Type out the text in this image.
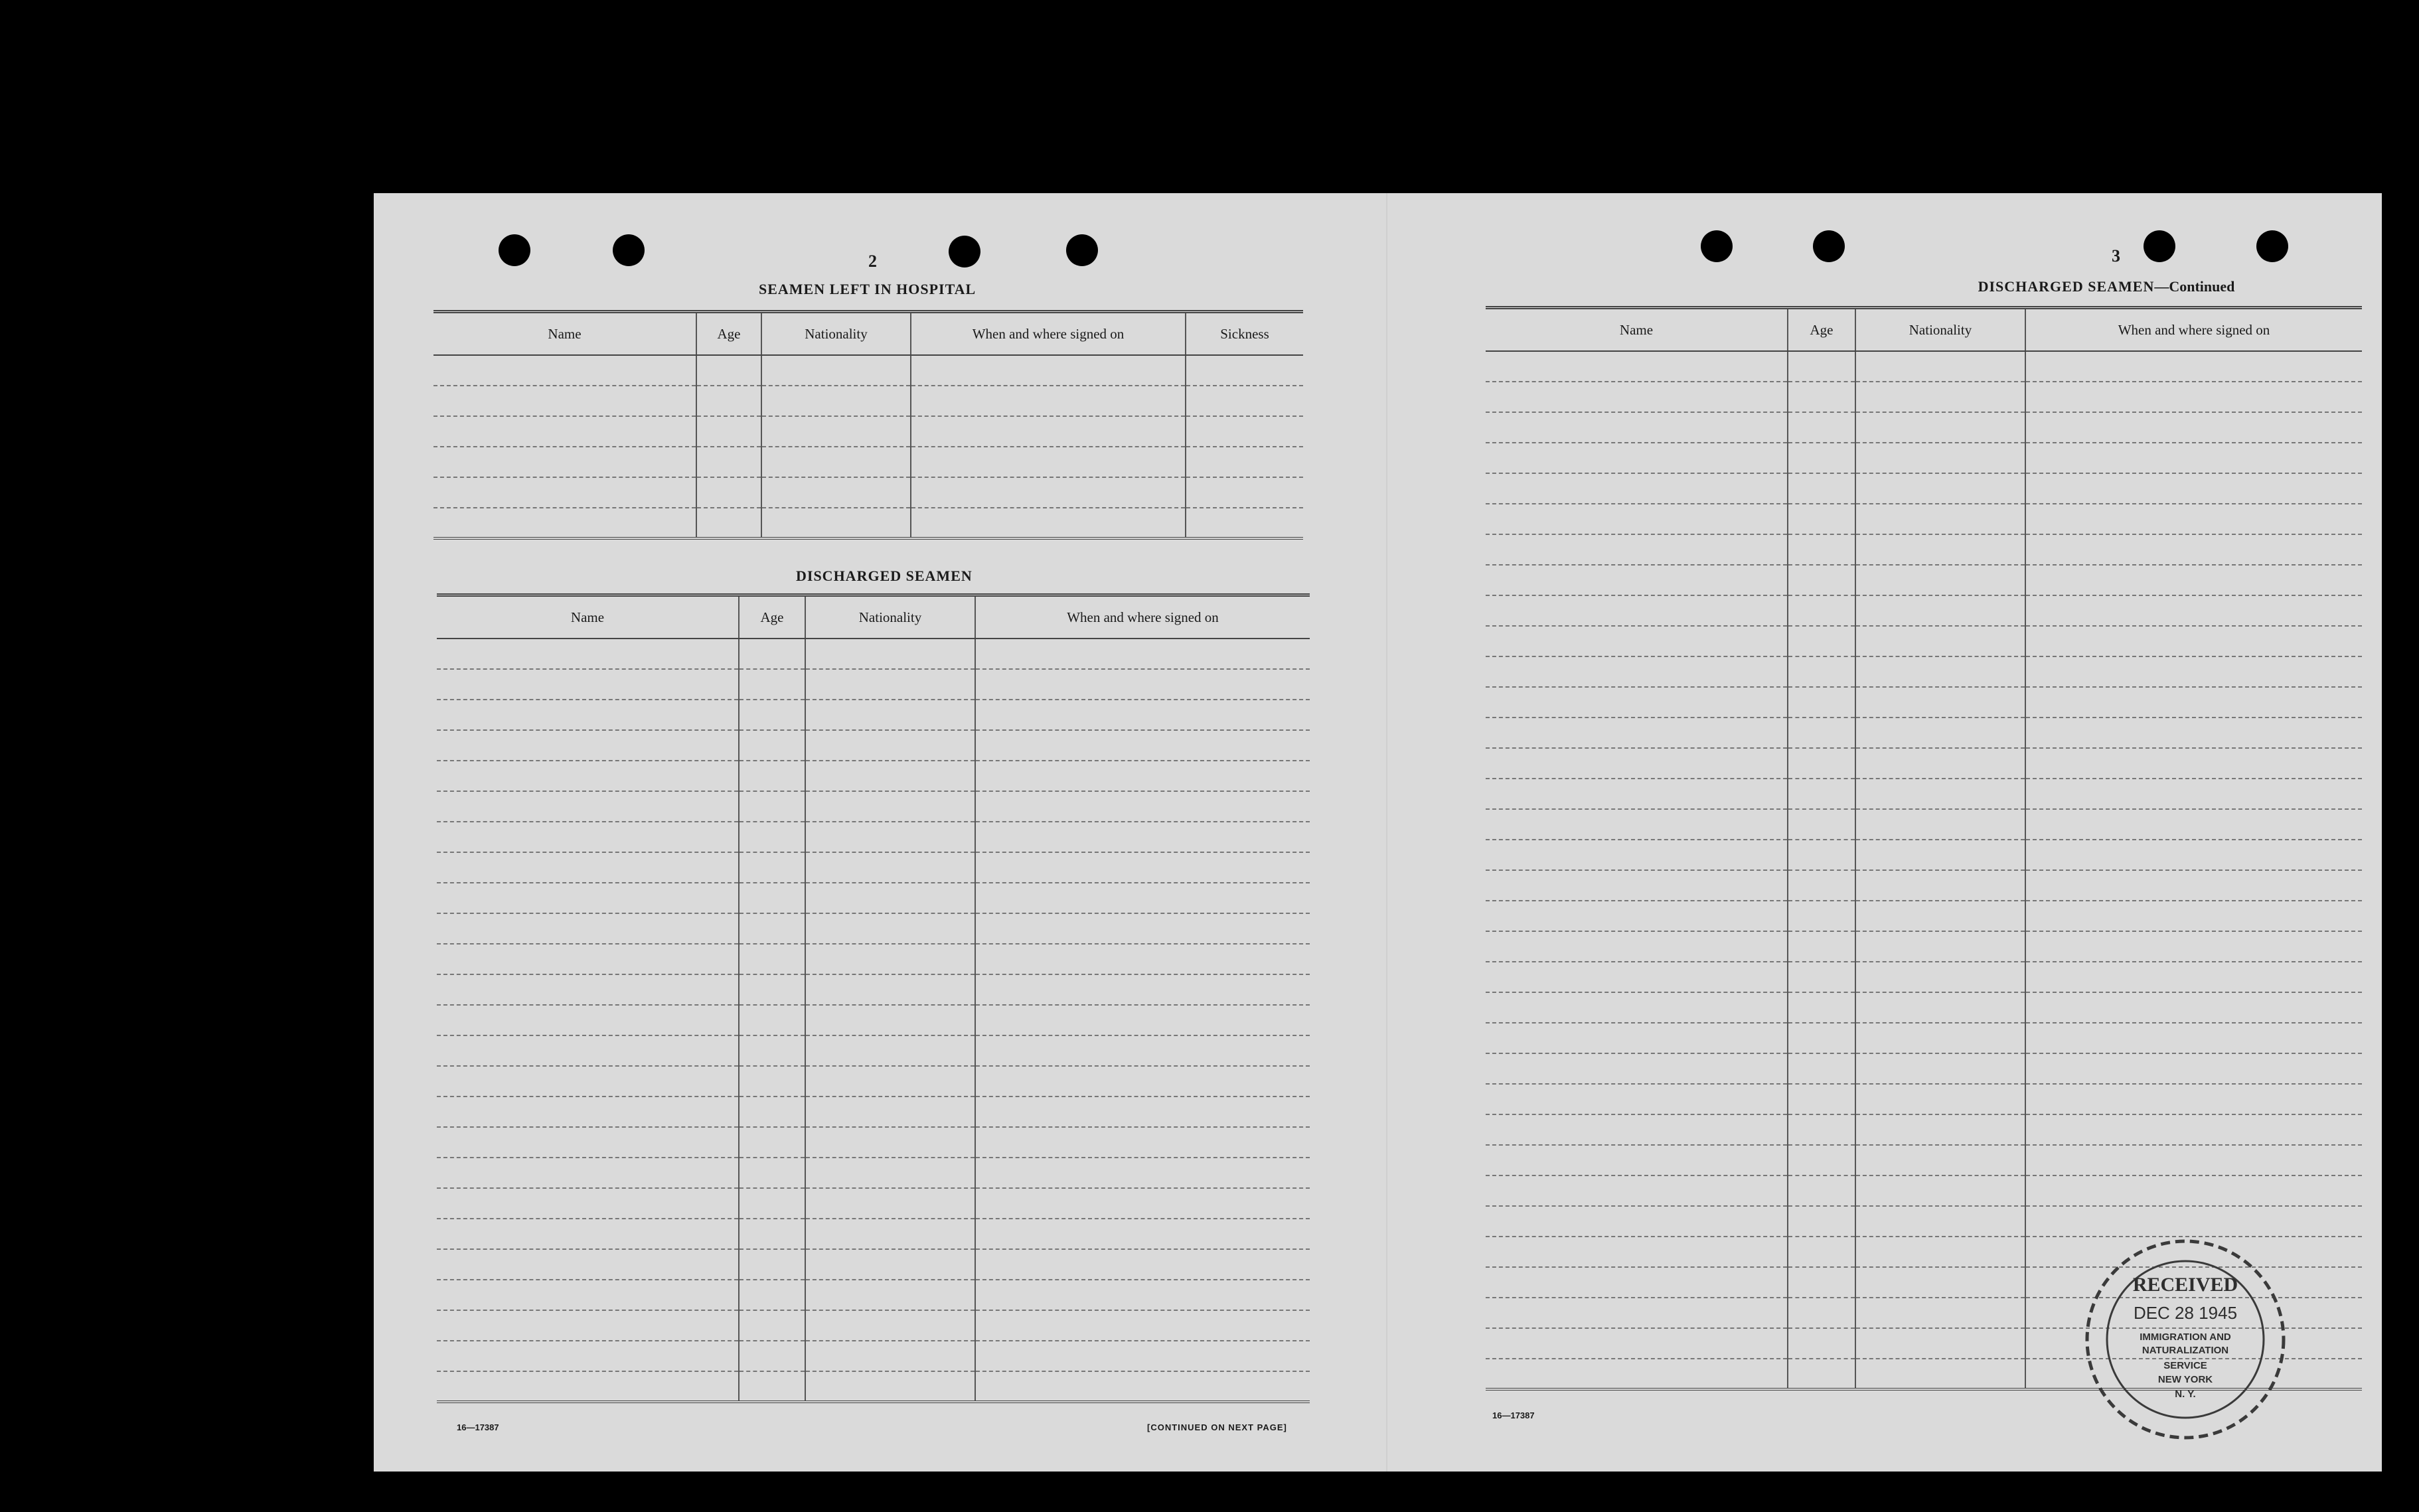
2
SEAMEN LEFT IN HOSPITAL
Name	Age	Nationality	When and where signed on	Sickness

DISCHARGED SEAMEN
Name	Age	Nationality	When and where signed on

16—17387	[CONTINUED ON NEXT PAGE]
3
DISCHARGED SEAMEN—Continued
Name	Age	Nationality	When and where signed on

16—17387
RECEIVED
DEC 28 1945
IMMIGRATION AND
NATURALIZATION
SERVICE
NEW YORK
N. Y.
